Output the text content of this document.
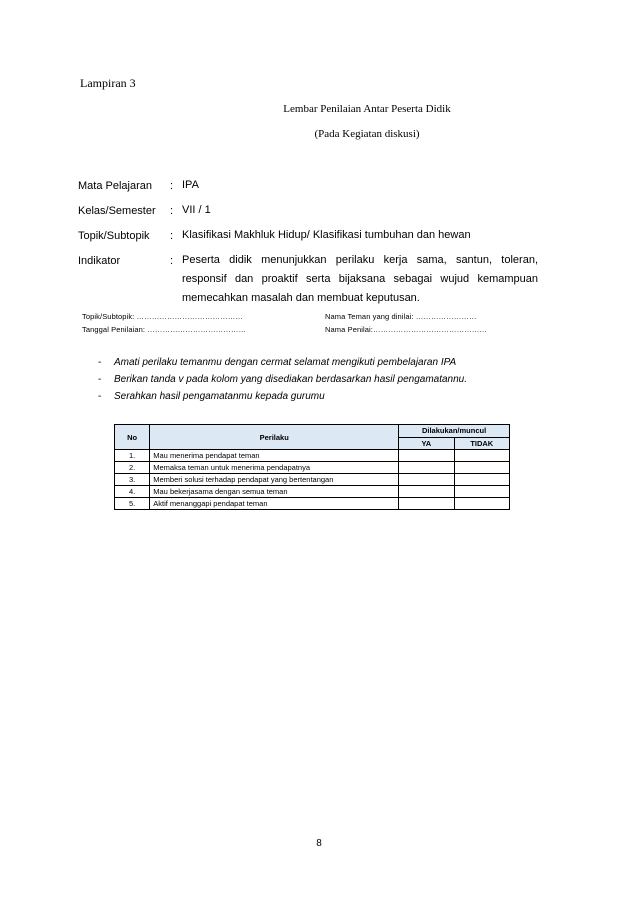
Lampiran 3
Lembar Penilaian Antar Peserta Didik
(Pada Kegiatan diskusi)
Mata Pelajaran : IPA
Kelas/Semester : VII / 1
Topik/Subtopik : Klasifikasi Makhluk Hidup/ Klasifikasi tumbuhan dan hewan
Indikator	: Peserta didik menunjukkan perilaku kerja sama, santun, toleran, responsif dan proaktif serta bijaksana sebagai wujud kemampuan memecahkan masalah dan membuat keputusan.
Topik/Subtopik: ……………………………………
Tanggal Penilaian: …………………………………
Nama Teman yang dinilai: ……………………
Nama Penilai:………………………………………
- Amati perilaku temanmu dengan cermat selamat mengikuti pembelajaran IPA
- Berikan tanda v pada kolom yang disediakan berdasarkan hasil pengamatannu.
- Serahkan hasil pengamatanmu kepada gurumu
No	Perilaku	Dilakukan/muncul	
		YA	TIDAK
1.	Mau menerima pendapat teman		
2.	Memaksa teman untuk menerima pendapatnya		
3.	Memberi solusi terhadap pendapat yang bertentangan		
4.	Mau bekerjasama dengan semua teman		
5.	Aktif menanggapi pendapat teman		
8
